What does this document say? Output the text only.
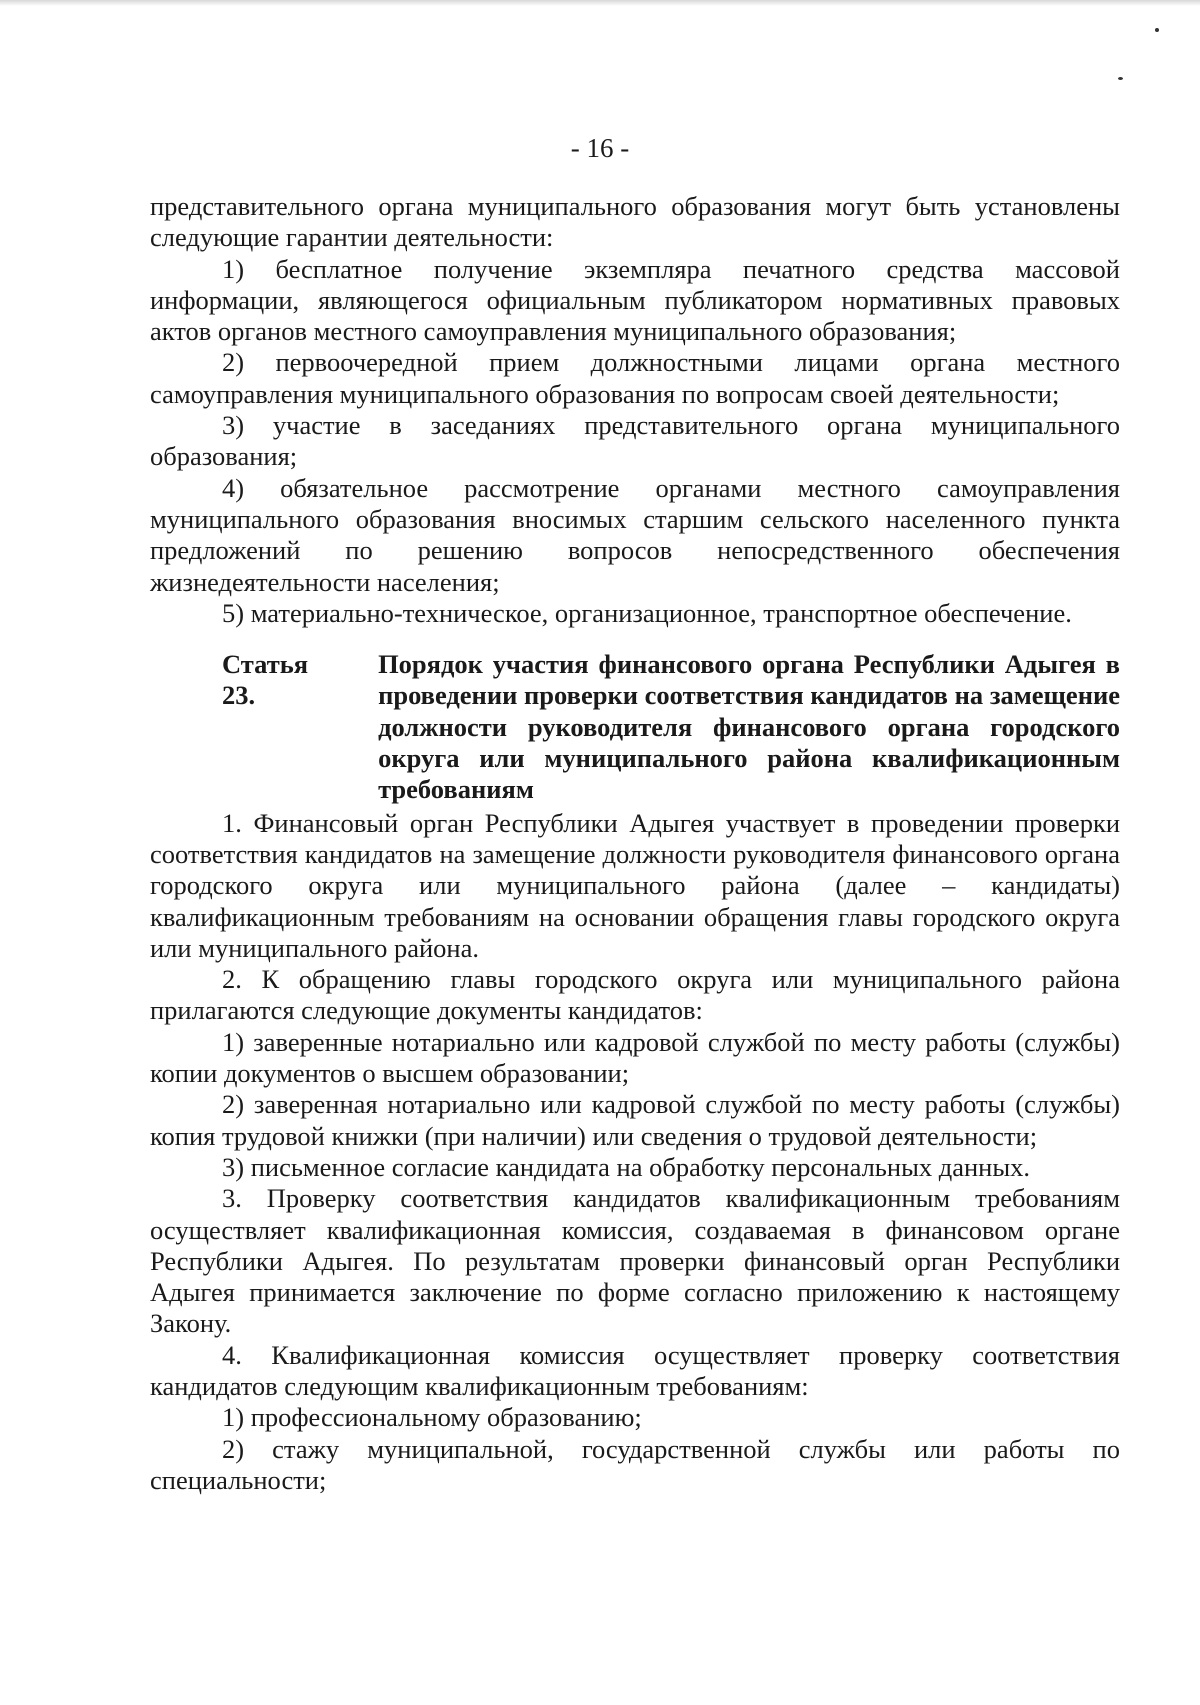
- 16 -

представительного органа муниципального образования могут быть установлены следующие гарантии деятельности:

1) бесплатное получение экземпляра печатного средства массовой информации, являющегося официальным публикатором нормативных правовых актов органов местного самоуправления муниципального образования;

2) первоочередной прием должностными лицами органа местного самоуправления муниципального образования по вопросам своей деятельности;

3) участие в заседаниях представительного органа муниципального образования;

4) обязательное рассмотрение органами местного самоуправления муниципального образования вносимых старшим сельского населенного пункта предложений по решению вопросов непосредственного обеспечения жизнедеятельности населения;

5) материально-техническое, организационное, транспортное обеспечение.

Статья 23.
Порядок участия финансового органа Республики Адыгея в проведении проверки соответствия кандидатов на замещение должности руководителя финансового органа городского округа или муниципального района квалификационным требованиям

1. Финансовый орган Республики Адыгея участвует в проведении проверки соответствия кандидатов на замещение должности руководителя финансового органа городского округа или муниципального района (далее – кандидаты) квалификационным требованиям на основании обращения главы городского округа или муниципального района.

2. К обращению главы городского округа или муниципального района прилагаются следующие документы кандидатов:

1) заверенные нотариально или кадровой службой по месту работы (службы) копии документов о высшем образовании;

2) заверенная нотариально или кадровой службой по месту работы (службы) копия трудовой книжки (при наличии) или сведения о трудовой деятельности;

3) письменное согласие кандидата на обработку персональных данных.

3. Проверку соответствия кандидатов квалификационным требованиям осуществляет квалификационная комиссия, создаваемая в финансовом органе Республики Адыгея. По результатам проверки финансовый орган Республики Адыгея принимается заключение по форме согласно приложению к настоящему Закону.

4. Квалификационная комиссия осуществляет проверку соответствия кандидатов следующим квалификационным требованиям:

1) профессиональному образованию;

2) стажу муниципальной, государственной службы или работы по специальности;
